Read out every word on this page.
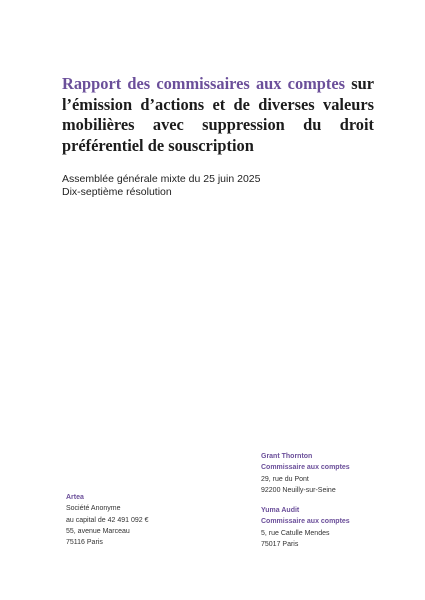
Rapport des commissaires aux comptes sur l’émission d’actions et de diverses valeurs mobilières avec suppression du droit préférentiel de souscription
Assemblée générale mixte du 25 juin 2025
Dix-septième résolution
Grant Thornton
Commissaire aux comptes
29, rue du Pont
92200 Neuilly-sur-Seine
Yuma Audit
Commissaire aux comptes
5, rue Catulle Mendes
75017 Paris
Artea
Société Anonyme
au capital de 42 491 092 €
55, avenue Marceau
75116 Paris
